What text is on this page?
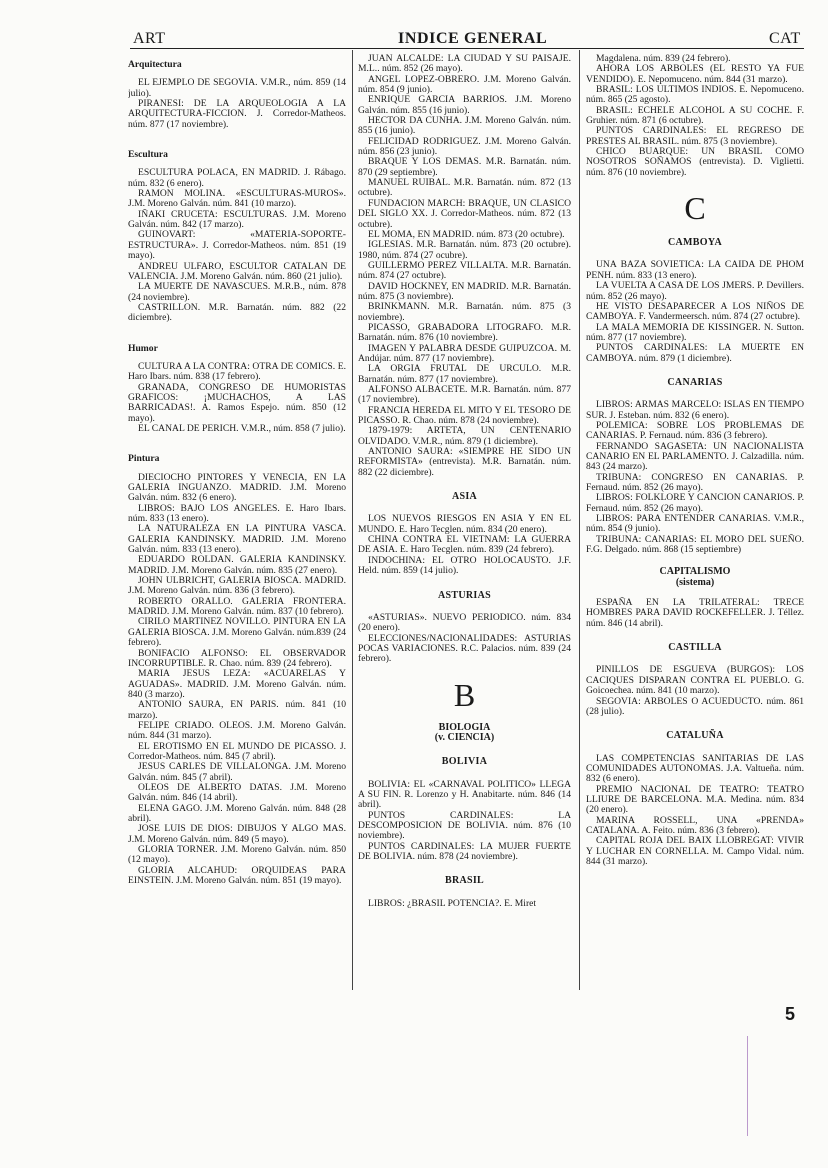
ART	INDICE GENERAL	CAT
Arquitectura
EL EJEMPLO DE SEGOVIA. V.M.R., núm. 859 (14 julio).
PIRANESI: DE LA ARQUEOLOGIA A LA ARQUITECTURA-FICCION. J. Corredor-Matheos. núm. 877 (17 noviembre).
Escultura
ESCULTURA POLACA, EN MADRID. J. Rábago. núm. 832 (6 enero).
RAMON MOLINA. «ESCULTURAS-MUROS». J.M. Moreno Galván. núm. 841 (10 marzo).
IÑAKI CRUCETA: ESCULTURAS. J.M. Moreno Galván. núm. 842 (17 marzo).
GUINOVART: «MATERIA-SOPORTE-ESTRUCTURA». J. Corredor-Matheos. núm. 851 (19 mayo).
ANDREU ULFARO, ESCULTOR CATALAN DE VALENCIA. J.M. Moreno Galván. núm. 860 (21 julio).
LA MUERTE DE NAVASCUES. M.R.B., núm. 878 (24 noviembre).
CASTRILLON. M.R. Barnatán. núm. 882 (22 diciembre).
Humor
CULTURA A LA CONTRA: OTRA DE COMICS. E. Haro Ibars. núm. 838 (17 febrero).
GRANADA, CONGRESO DE HUMORISTAS GRAFICOS: ¡MUCHACHOS, A LAS BARRICADAS!. A. Ramos Espejo. núm. 850 (12 mayo).
EL CANAL DE PERICH. V.M.R., núm. 858 (7 julio).
Pintura
DIECIOCHO PINTORES Y VENECIA, EN LA GALERIA INGUANZO. MADRID. J.M. Moreno Galván. núm. 832 (6 enero).
LIBROS: BAJO LOS ANGELES. E. Haro Ibars. núm. 833 (13 enero).
LA NATURALEZA EN LA PINTURA VASCA. GALERIA KANDINSKY. MADRID. J.M. Moreno Galván. núm. 833 (13 enero).
EDUARDO ROLDAN. GALERIA KANDINSKY. MADRID. J.M. Moreno Galván. núm. 835 (27 enero).
JOHN ULBRICHT, GALERIA BIOSCA. MADRID. J.M. Moreno Galván. núm. 836 (3 febrero).
ROBERTO ORALLO. GALERIA FRONTERA. MADRID. J.M. Moreno Galván. núm. 837 (10 febrero).
CIRILO MARTINEZ NOVILLO. PINTURA EN LA GALERIA BIOSCA. J.M. Moreno Galván. núm.839 (24 febrero).
BONIFACIO ALFONSO: EL OBSERVADOR INCORRUPTIBLE. R. Chao. núm. 839 (24 febrero).
MARIA JESUS LEZA: «ACUARELAS Y AGUADAS». MADRID. J.M. Moreno Galván. núm. 840 (3 marzo).
ANTONIO SAURA, EN PARIS. núm. 841 (10 marzo).
FELIPE CRIADO. OLEOS. J.M. Moreno Galván. núm. 844 (31 marzo).
EL EROTISMO EN EL MUNDO DE PICASSO. J. Corredor-Matheos. núm. 845 (7 abril).
JESUS CARLES DE VILLALONGA. J.M. Moreno Galván. núm. 845 (7 abril).
OLEOS DE ALBERTO DATAS. J.M. Moreno Galván. núm. 846 (14 abril).
ELENA GAGO. J.M. Moreno Galván. núm. 848 (28 abril).
JOSE LUIS DE DIOS: DIBUJOS Y ALGO MAS. J.M. Moreno Galván. núm. 849 (5 mayo).
GLORIA TORNER. J.M. Moreno Galván. núm. 850 (12 mayo).
GLORIA ALCAHUD: ORQUIDEAS PARA EINSTEIN. J.M. Moreno Galván. núm. 851 (19 mayo).
JUAN ALCALDE: LA CIUDAD Y SU PAISAJE. M.L.. núm. 852 (26 mayo).
ANGEL LOPEZ-OBRERO. J.M. Moreno Galván. núm. 854 (9 junio).
ENRIQUE GARCIA BARRIOS. J.M. Moreno Galván. núm. 855 (16 junio).
HECTOR DA CUNHA. J.M. Moreno Galván. núm. 855 (16 junio).
FELICIDAD RODRIGUEZ. J.M. Moreno Galván. núm. 856 (23 junio).
BRAQUE Y LOS DEMAS. M.R. Barnatán. núm. 870 (29 septiembre).
MANUEL RUIBAL. M.R. Barnatán. núm. 872 (13 octubre).
FUNDACION MARCH: BRAQUE, UN CLASICO DEL SIGLO XX. J. Corredor-Matheos. núm. 872 (13 octubre).
EL MOMA, EN MADRID. núm. 873 (20 octubre).
IGLESIAS. M.R. Barnatán. núm. 873 (20 octubre). 1980, núm. 874 (27 ocubre).
GUILLERMO PEREZ VILLALTA. M.R. Barnatán. núm. 874 (27 octubre).
DAVID HOCKNEY, EN MADRID. M.R. Barnatán. núm. 875 (3 noviembre).
BRINKMANN. M.R. Barnatán. núm. 875 (3 noviembre).
PICASSO, GRABADORA LITOGRAFO. M.R. Barnatán. núm. 876 (10 noviembre).
IMAGEN Y PALABRA DESDE GUIPUZCOA. M. Andújar. núm. 877 (17 noviembre).
LA ORGIA FRUTAL DE URCULO. M.R. Barnatán. núm. 877 (17 noviembre).
ALFONSO ALBACETE. M.R. Barnatán. núm. 877 (17 noviembre).
FRANCIA HEREDA EL MITO Y EL TESORO DE PICASSO. R. Chao. núm. 878 (24 noviembre).
1879-1979: ARTETA, UN CENTENARIO OLVIDADO. V.M.R., núm. 879 (1 diciembre).
ANTONIO SAURA: «SIEMPRE HE SIDO UN REFORMISTA» (entrevista). M.R. Barnatán. núm. 882 (22 diciembre).
ASIA
LOS NUEVOS RIESGOS EN ASIA Y EN EL MUNDO. E. Haro Tecglen. núm. 834 (20 enero).
CHINA CONTRA EL VIETNAM: LA GUERRA DE ASIA. E. Haro Tecglen. núm. 839 (24 febrero).
INDOCHINA: EL OTRO HOLOCAUSTO. J.F. Held. núm. 859 (14 julio).
ASTURIAS
«ASTURIAS». NUEVO PERIODICO. núm. 834 (20 enero).
ELECCIONES/NACIONALIDADES: ASTURIAS POCAS VARIACIONES. R.C. Palacios. núm. 839 (24 febrero).
B
BIOLOGIA
(v. CIENCIA)
BOLIVIA
BOLIVIA: EL «CARNAVAL POLITICO» LLEGA A SU FIN. R. Lorenzo y H. Anabitarte. núm. 846 (14 abril).
PUNTOS CARDINALES: LA DESCOMPOSICION DE BOLIVIA. núm. 876 (10 noviembre).
PUNTOS CARDINALES: LA MUJER FUERTE DE BOLIVIA. núm. 878 (24 noviembre).
BRASIL
LIBROS: ¿BRASIL POTENCIA?. E. Miret
Magdalena. núm. 839 (24 febrero).
AHORA LOS ARBOLES (EL RESTO YA FUE VENDIDO). E. Nepomuceno. núm. 844 (31 marzo).
BRASIL: LOS ULTIMOS INDIOS. E. Nepomuceno. núm. 865 (25 agosto).
BRASIL: ECHELE ALCOHOL A SU COCHE. F. Gruhier. núm. 871 (6 octubre).
PUNTOS CARDINALES: EL REGRESO DE PRESTES AL BRASIL. núm. 875 (3 noviembre).
CHICO BUARQUE: UN BRASIL COMO NOSOTROS SOÑAMOS (entrevista). D. Viglietti. núm. 876 (10 noviembre).
C
CAMBOYA
UNA BAZA SOVIETICA: LA CAIDA DE PHOM PENH. núm. 833 (13 enero).
LA VUELTA A CASA DE LOS JMERS. P. Devillers. núm. 852 (26 mayo).
HE VISTO DESAPARECER A LOS NIÑOS DE CAMBOYA. F. Vandermeersch. núm. 874 (27 octubre).
LA MALA MEMORIA DE KISSINGER. N. Sutton. núm. 877 (17 noviembre).
PUNTOS CARDINALES: LA MUERTE EN CAMBOYA. núm. 879 (1 diciembre).
CANARIAS
LIBROS: ARMAS MARCELO: ISLAS EN TIEMPO SUR. J. Esteban. núm. 832 (6 enero).
POLEMICA: SOBRE LOS PROBLEMAS DE CANARIAS. P. Fernaud. núm. 836 (3 febrero).
FERNANDO SAGASETA: UN NACIONALISTA CANARIO EN EL PARLAMENTO. J. Calzadilla. núm. 843 (24 marzo).
TRIBUNA: CONGRESO EN CANARIAS. P. Fernaud. núm. 852 (26 mayo).
LIBROS: FOLKLORE Y CANCION CANARIOS. P. Fernaud. núm. 852 (26 mayo).
LIBROS: PARA ENTENDER CANARIAS. V.M.R., núm. 854 (9 junio).
TRIBUNA: CANARIAS: EL MORO DEL SUEÑO. F.G. Delgado. núm. 868 (15 septiembre)
CAPITALISMO
(sistema)
ESPAÑA EN LA TRILATERAL: TRECE HOMBRES PARA DAVID ROCKEFELLER. J. Téllez. núm. 846 (14 abril).
CASTILLA
PINILLOS DE ESGUEVA (BURGOS): LOS CACIQUES DISPARAN CONTRA EL PUEBLO. G. Goicoechea. núm. 841 (10 marzo).
SEGOVIA: ARBOLES O ACUEDUCTO. núm. 861 (28 julio).
CATALUÑA
LAS COMPETENCIAS SANITARIAS DE LAS COMUNIDADES AUTONOMAS. J.A. Valtueña. núm. 832 (6 enero).
PREMIO NACIONAL DE TEATRO: TEATRO LLIURE DE BARCELONA. M.A. Medina. núm. 834 (20 enero).
MARINA ROSSELL, UNA «PRENDA» CATALANA. A. Feito. núm. 836 (3 febrero).
CAPITAL ROJA DEL BAIX LLOBREGAT: VIVIR Y LUCHAR EN CORNELLA. M. Campo Vidal. núm. 844 (31 marzo).
5
